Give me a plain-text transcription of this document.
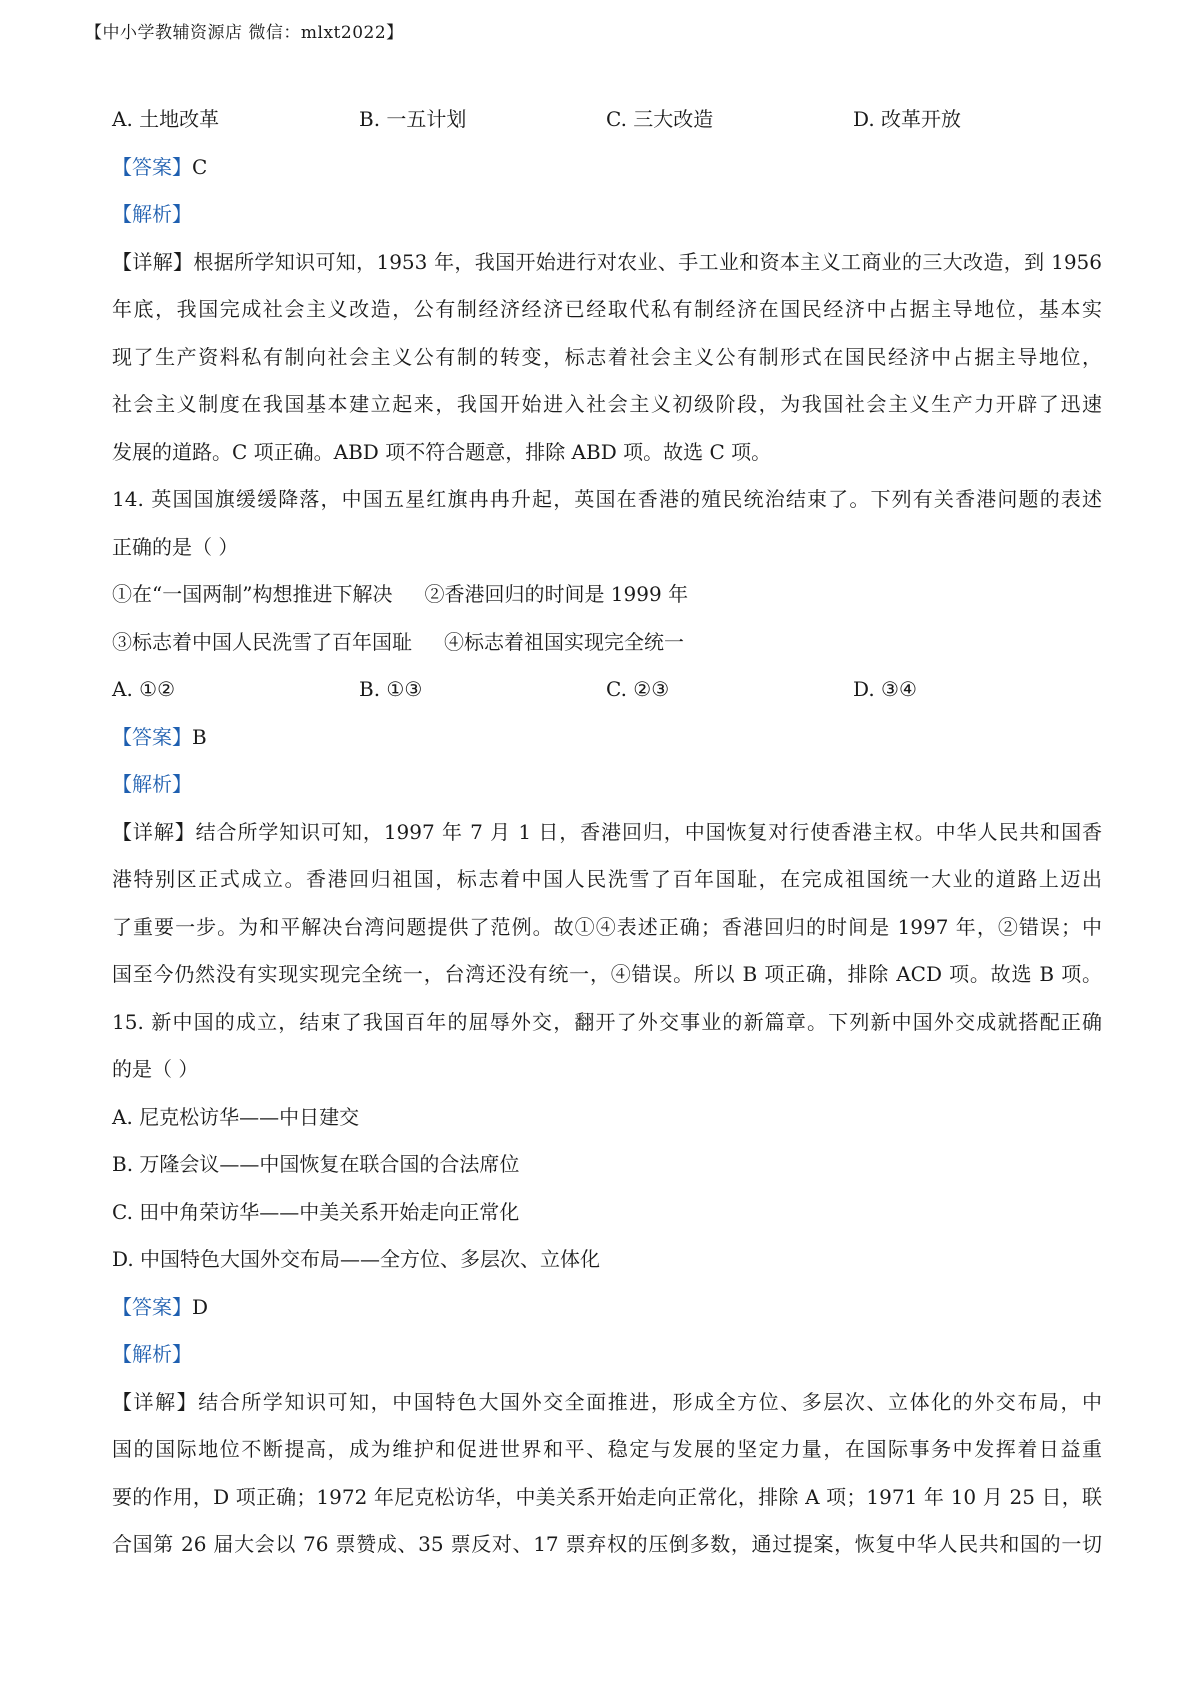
【中小学教辅资源店 微信：mlxt2022】
A. 土地改革	B. 一五计划	C. 三大改造	D. 改革开放
【答案】C
【解析】
【详解】根据所学知识可知，1953 年，我国开始进行对农业、手工业和资本主义工商业的三大改造，到 1956
年底，我国完成社会主义改造，公有制经济经济已经取代私有制经济在国民经济中占据主导地位，基本实
现了生产资料私有制向社会主义公有制的转变，标志着社会主义公有制形式在国民经济中占据主导地位，
社会主义制度在我国基本建立起来，我国开始进入社会主义初级阶段，为我国社会主义生产力开辟了迅速
发展的道路。C 项正确。ABD 项不符合题意，排除 ABD 项。故选 C 项。
14. 英国国旗缓缓降落，中国五星红旗冉冉升起，英国在香港的殖民统治结束了。下列有关香港问题的表述
正确的是（ ）
①在“一国两制”构想推进下解决 ②香港回归的时间是 1999 年
③标志着中国人民洗雪了百年国耻 ④标志着祖国实现完全统一
A. ①②	B. ①③	C. ②③	D. ③④
【答案】B
【解析】
【详解】结合所学知识可知，1997 年 7 月 1 日，香港回归，中国恢复对行使香港主权。中华人民共和国香
港特别区正式成立。香港回归祖国，标志着中国人民洗雪了百年国耻，在完成祖国统一大业的道路上迈出
了重要一步。为和平解决台湾问题提供了范例。故①④表述正确；香港回归的时间是 1997 年，②错误；中
国至今仍然没有实现实现完全统一，台湾还没有统一，④错误。所以 B 项正确，排除 ACD 项。故选 B 项。
15. 新中国的成立，结束了我国百年的屈辱外交，翻开了外交事业的新篇章。下列新中国外交成就搭配正确
的是（ ）
A. 尼克松访华——中日建交
B. 万隆会议——中国恢复在联合国的合法席位
C. 田中角荣访华——中美关系开始走向正常化
D. 中国特色大国外交布局——全方位、多层次、立体化
【答案】D
【解析】
【详解】结合所学知识可知，中国特色大国外交全面推进，形成全方位、多层次、立体化的外交布局，中
国的国际地位不断提高，成为维护和促进世界和平、稳定与发展的坚定力量，在国际事务中发挥着日益重
要的作用，D 项正确；1972 年尼克松访华，中美关系开始走向正常化，排除 A 项；1971 年 10 月 25 日，联
合国第 26 届大会以 76 票赞成、35 票反对、17 票弃权的压倒多数，通过提案，恢复中华人民共和国的一切
